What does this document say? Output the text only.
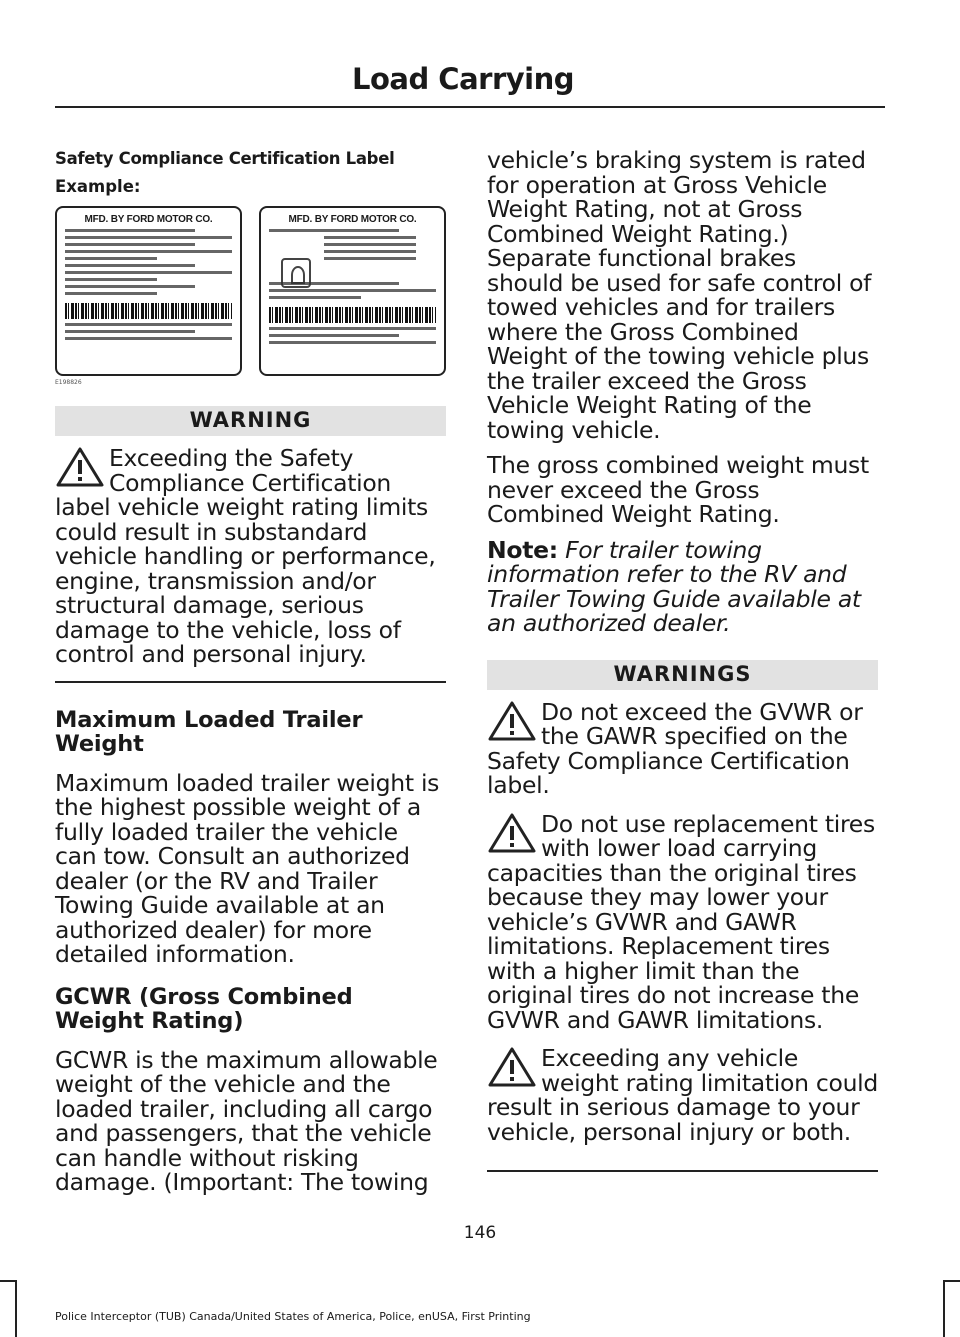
Load Carrying
Safety Compliance Certification Label
Example:
MFD. BY FORD MOTOR CO.	MFD. BY FORD MOTOR CO.
E198826
WARNING
Exceeding the Safety Compliance Certification label vehicle weight rating limits could result in substandard vehicle handling or performance, engine, transmission and/or structural damage, serious damage to the vehicle, loss of control and personal injury.
Maximum Loaded Trailer Weight
Maximum loaded trailer weight is the highest possible weight of a fully loaded trailer the vehicle can tow. Consult an authorized dealer (or the RV and Trailer Towing Guide available at an authorized dealer) for more detailed information.
GCWR (Gross Combined Weight Rating)
GCWR is the maximum allowable weight of the vehicle and the loaded trailer, including all cargo and passengers, that the vehicle can handle without risking damage. (Important: The towing
vehicle’s braking system is rated for operation at Gross Vehicle Weight Rating, not at Gross Combined Weight Rating.) Separate functional brakes should be used for safe control of towed vehicles and for trailers where the Gross Combined Weight of the towing vehicle plus the trailer exceed the Gross Vehicle Weight Rating of the towing vehicle.
The gross combined weight must never exceed the Gross Combined Weight Rating.
Note: For trailer towing information refer to the RV and Trailer Towing Guide available at an authorized dealer.
WARNINGS
Do not exceed the GVWR or the GAWR specified on the Safety Compliance Certification label.
Do not use replacement tires with lower load carrying capacities than the original tires because they may lower your vehicle’s GVWR and GAWR limitations. Replacement tires with a higher limit than the original tires do not increase the GVWR and GAWR limitations.
Exceeding any vehicle weight rating limitation could result in serious damage to your vehicle, personal injury or both.
146
Police Interceptor (TUB) Canada/United States of America, Police, enUSA, First Printing
